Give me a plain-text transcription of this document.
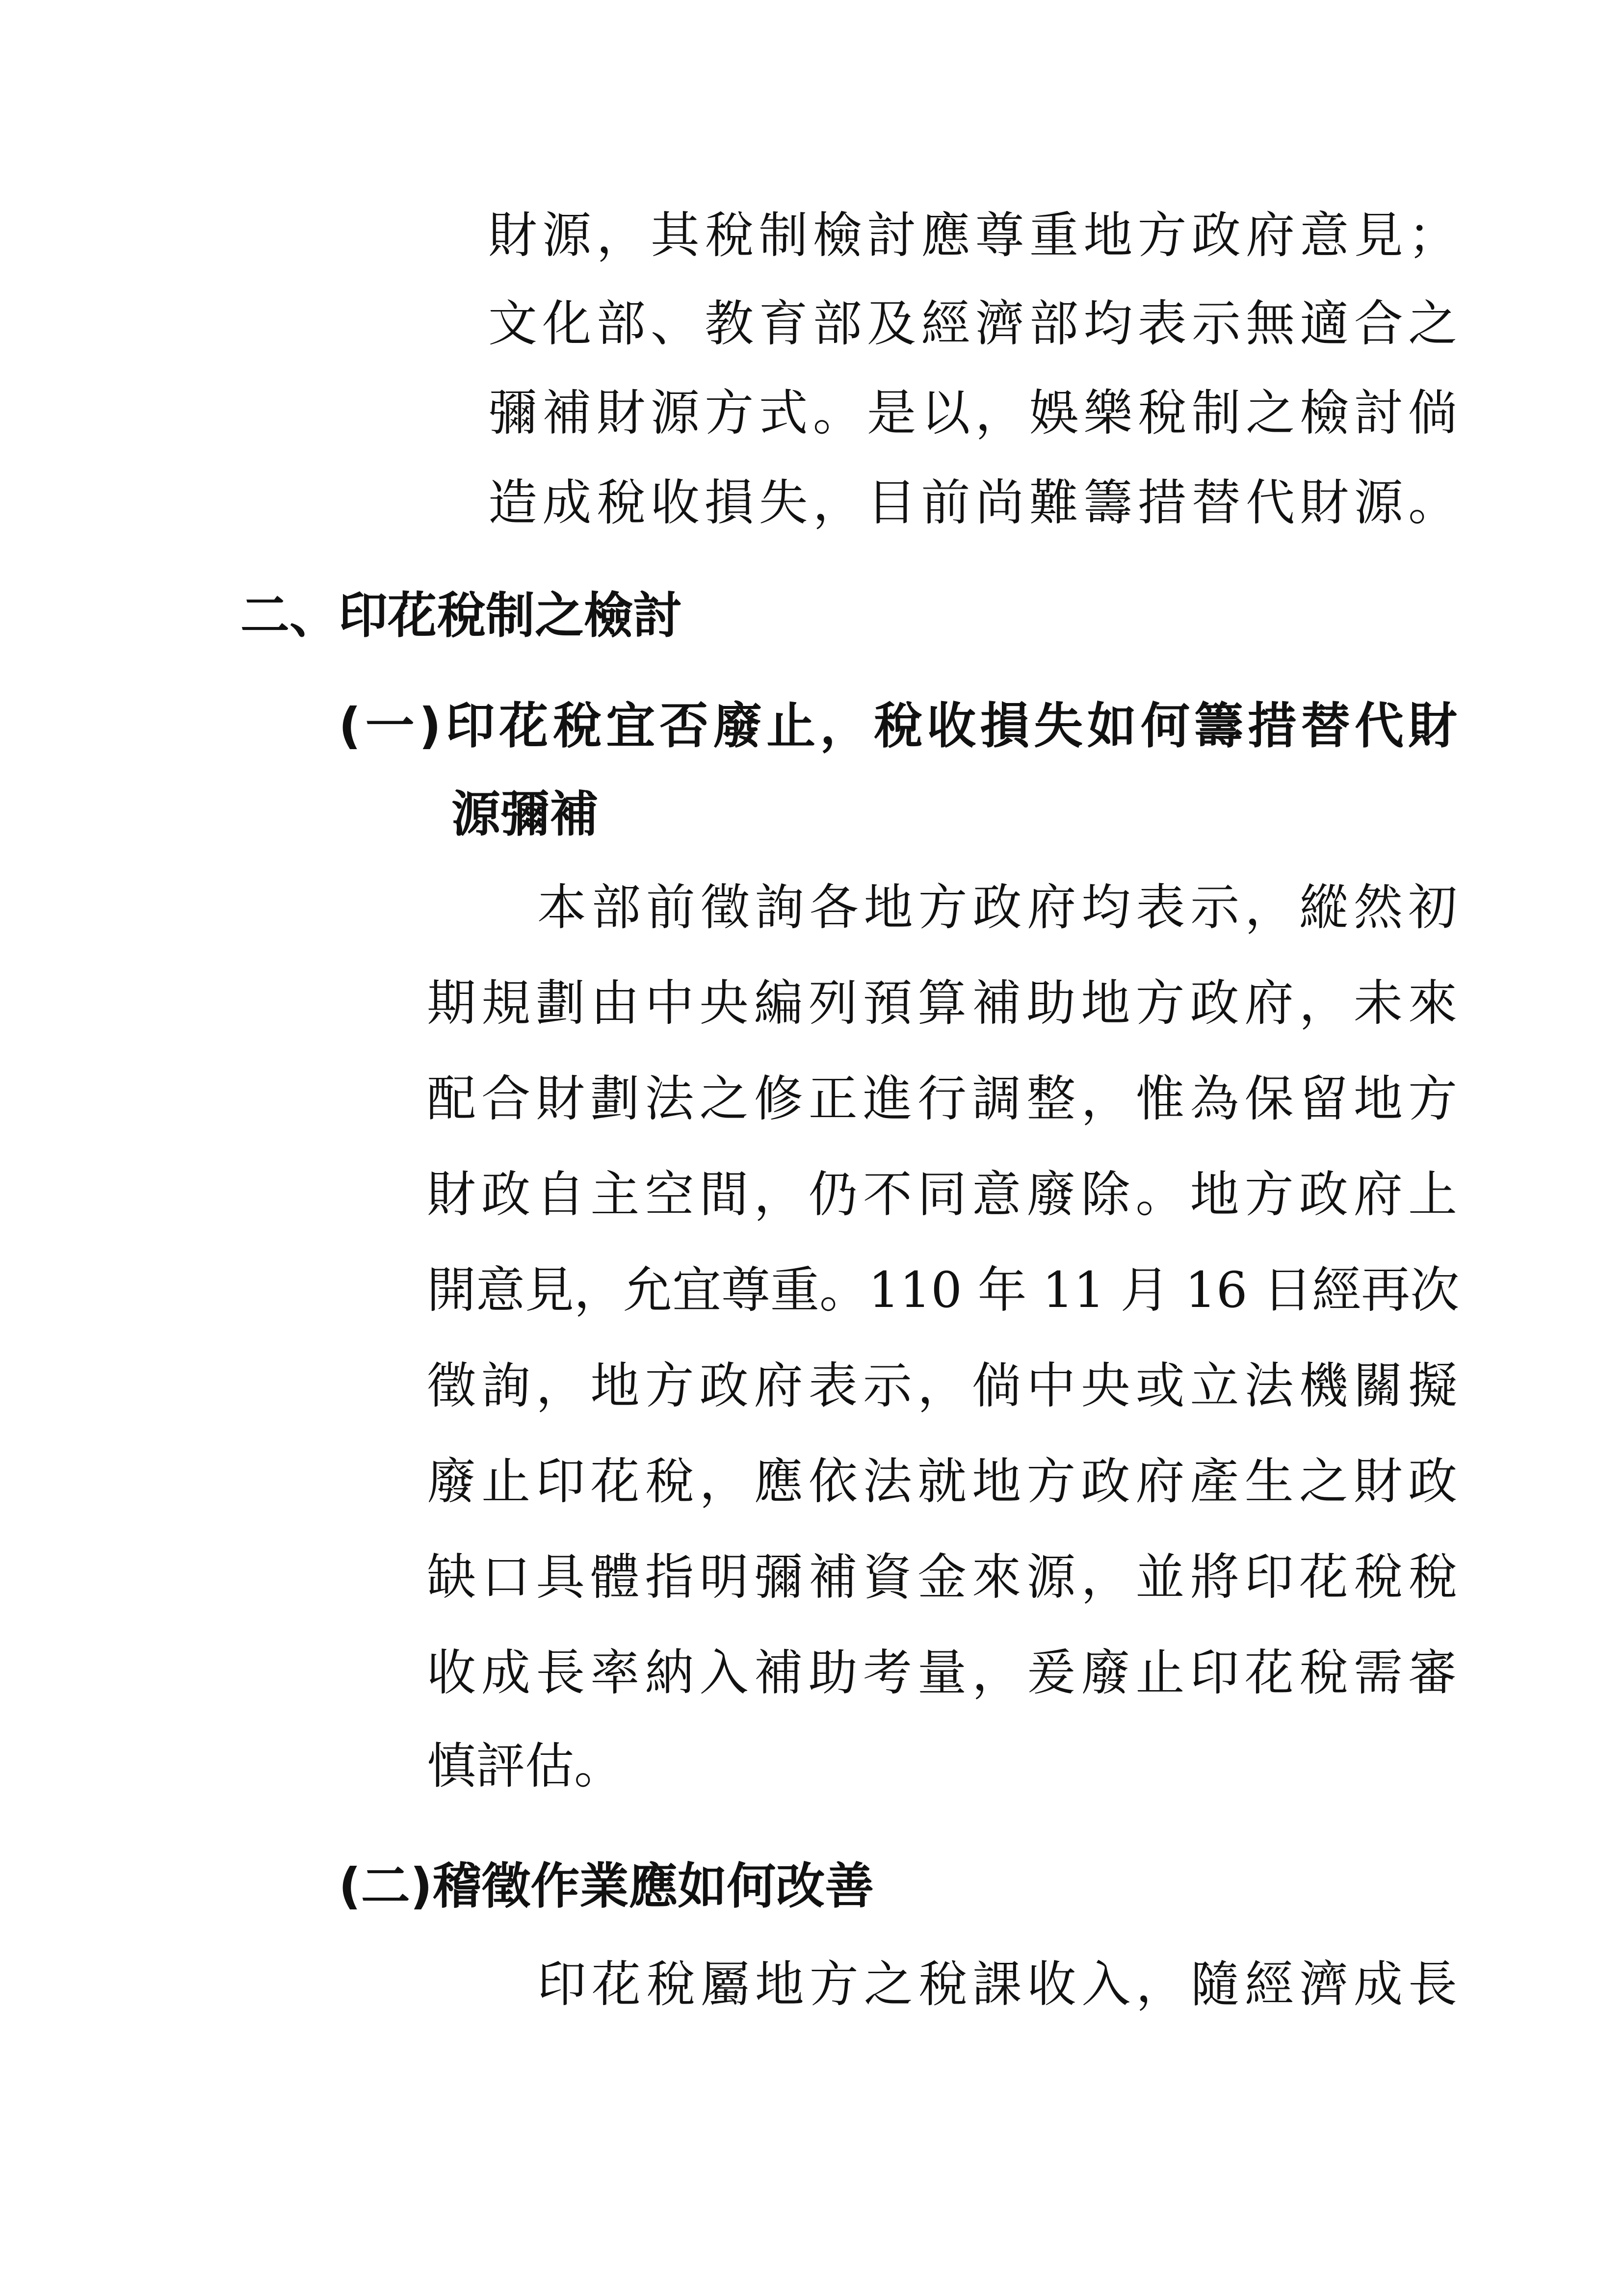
財源，其稅制檢討應尊重地方政府意見；
文化部、教育部及經濟部均表示無適合之
彌補財源方式。是以，娛樂稅制之檢討倘
造成稅收損失，目前尚難籌措替代財源。
二、印花稅制之檢討
(一)印花稅宜否廢止，稅收損失如何籌措替代財
源彌補
本部前徵詢各地方政府均表示，縱然初
期規劃由中央編列預算補助地方政府，未來
配合財劃法之修正進行調整，惟為保留地方
財政自主空間，仍不同意廢除。地方政府上
開意見，允宜尊重。110 年 11 月 16 日經再次
徵詢，地方政府表示，倘中央或立法機關擬
廢止印花稅，應依法就地方政府產生之財政
缺口具體指明彌補資金來源，並將印花稅稅
收成長率納入補助考量，爰廢止印花稅需審
慎評估。
(二)稽徵作業應如何改善
印花稅屬地方之稅課收入，隨經濟成長
